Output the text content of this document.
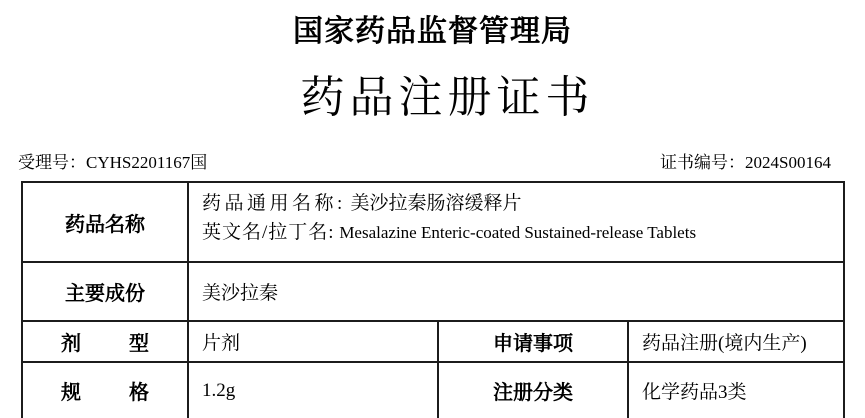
国家药品监督管理局
药品注册证书
受理号：CYHS2201167国	证书编号：2024S00164
药品名称	药品通用名称: 美沙拉秦肠溶缓释片
英文名/拉丁名: Mesalazine Enteric-coated Sustained-release Tablets		

主要成份	美沙拉秦		

剂 型	片剂	申请事项	药品注册(境内生产)

规 格	1.2g	注册分类	化学药品3类
